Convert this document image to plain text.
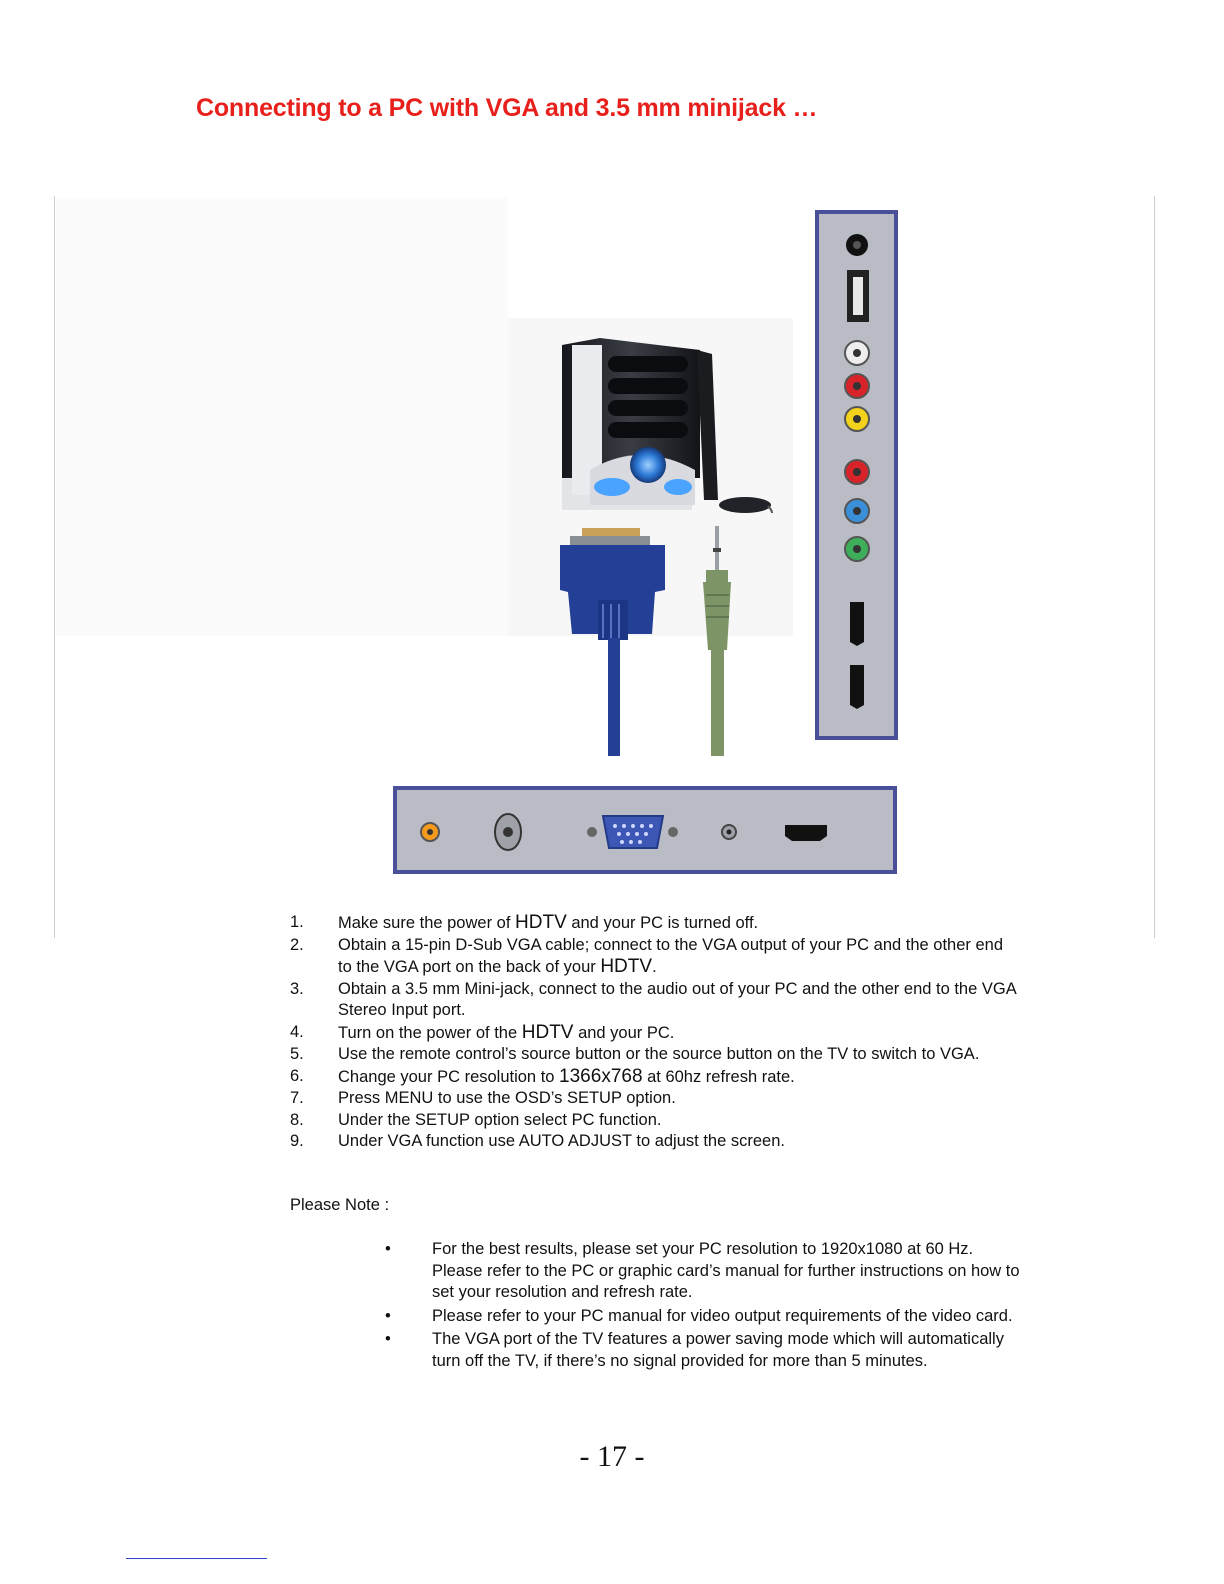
Connecting to a PC with VGA and 3.5 mm minijack …
1. Make sure the power of HDTV and your PC is turned off.
2. Obtain a 15-pin D-Sub VGA cable; connect to the VGA output of your PC and the other end to the VGA port on the back of your HDTV.
3. Obtain a 3.5 mm Mini-jack, connect to the audio out of your PC and the other end to the VGA Stereo Input port.
4. Turn on the power of the HDTV and your PC.
5. Use the remote control’s source button or the source button on the TV to switch to VGA.
6. Change your PC resolution to 1366x768 at 60hz refresh rate.
7. Press MENU to use the OSD’s SETUP option.
8. Under the SETUP option select PC function.
9. Under VGA function use AUTO ADJUST to adjust the screen.
Please Note :
• For the best results, please set your PC resolution to 1920x1080 at 60 Hz. Please refer to the PC or graphic card’s manual for further instructions on how to set your resolution and refresh rate.
• Please refer to your PC manual for video output requirements of the video card.
• The VGA port of the TV features a power saving mode which will automatically turn off the TV, if there’s no signal provided for more than 5 minutes.
- 17 -
